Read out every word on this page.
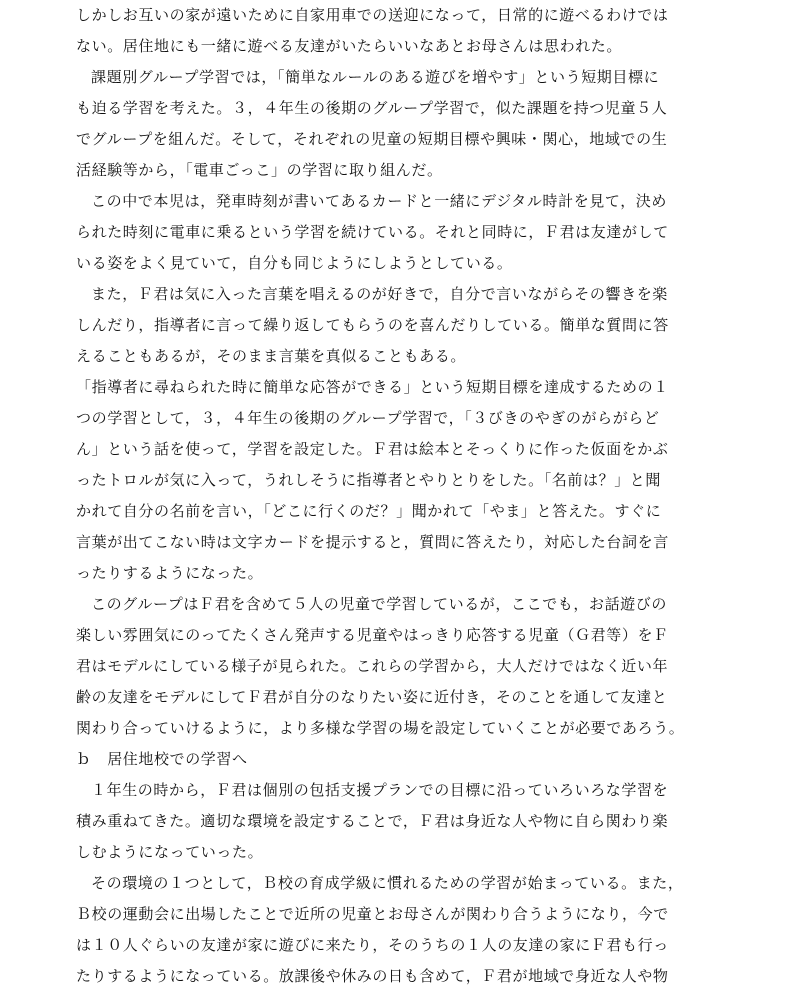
しかしお互いの家が遠いために自家用車での送迎になって，日常的に遊べるわけでは

ない。居住地にも一緒に遊べる友達がいたらいいなあとお母さんは思われた。

課題別グループ学習では，「簡単なルールのある遊びを増やす」という短期目標に

も迫る学習を考えた。３，４年生の後期のグループ学習で，似た課題を持つ児童５人

でグループを組んだ。そして，それぞれの児童の短期目標や興味・関心，地域での生

活経験等から，「電車ごっこ」の学習に取り組んだ。

この中で本児は，発車時刻が書いてあるカードと一緒にデジタル時計を見て，決め

られた時刻に電車に乗るという学習を続けている。それと同時に，Ｆ君は友達がして

いる姿をよく見ていて，自分も同じようにしようとしている。

また，Ｆ君は気に入った言葉を唱えるのが好きで，自分で言いながらその響きを楽

しんだり，指導者に言って繰り返してもらうのを喜んだりしている。簡単な質問に答

えることもあるが，そのまま言葉を真似ることもある。

「指導者に尋ねられた時に簡単な応答ができる」という短期目標を達成するための１

つの学習として，３，４年生の後期のグループ学習で，「３びきのやぎのがらがらど

ん」という話を使って，学習を設定した。Ｆ君は絵本とそっくりに作った仮面をかぶ

ったトロルが気に入って，うれしそうに指導者とやりとりをした。「名前は？」と聞

かれて自分の名前を言い，「どこに行くのだ？」聞かれて「やま」と答えた。すぐに

言葉が出てこない時は文字カードを提示すると，質問に答えたり，対応した台詞を言

ったりするようになった。

このグループはＦ君を含めて５人の児童で学習しているが，ここでも，お話遊びの

楽しい雰囲気にのってたくさん発声する児童やはっきり応答する児童（Ｇ君等）をＦ

君はモデルにしている様子が見られた。これらの学習から，大人だけではなく近い年

齢の友達をモデルにしてＦ君が自分のなりたい姿に近付き，そのことを通して友達と

関わり合っていけるように，より多様な学習の場を設定していくことが必要であろう。

ｂ　居住地校での学習へ

１年生の時から，Ｆ君は個別の包括支援プランでの目標に沿っていろいろな学習を

積み重ねてきた。適切な環境を設定することで，Ｆ君は身近な人や物に自ら関わり楽

しむようになっていった。

その環境の１つとして，Ｂ校の育成学級に慣れるための学習が始まっている。また，

Ｂ校の運動会に出場したことで近所の児童とお母さんが関わり合うようになり，今で

は１０人ぐらいの友達が家に遊びに来たり，そのうちの１人の友達の家にＦ君も行っ

たりするようになっている。放課後や休みの日も含めて，Ｆ君が地域で身近な人や物
